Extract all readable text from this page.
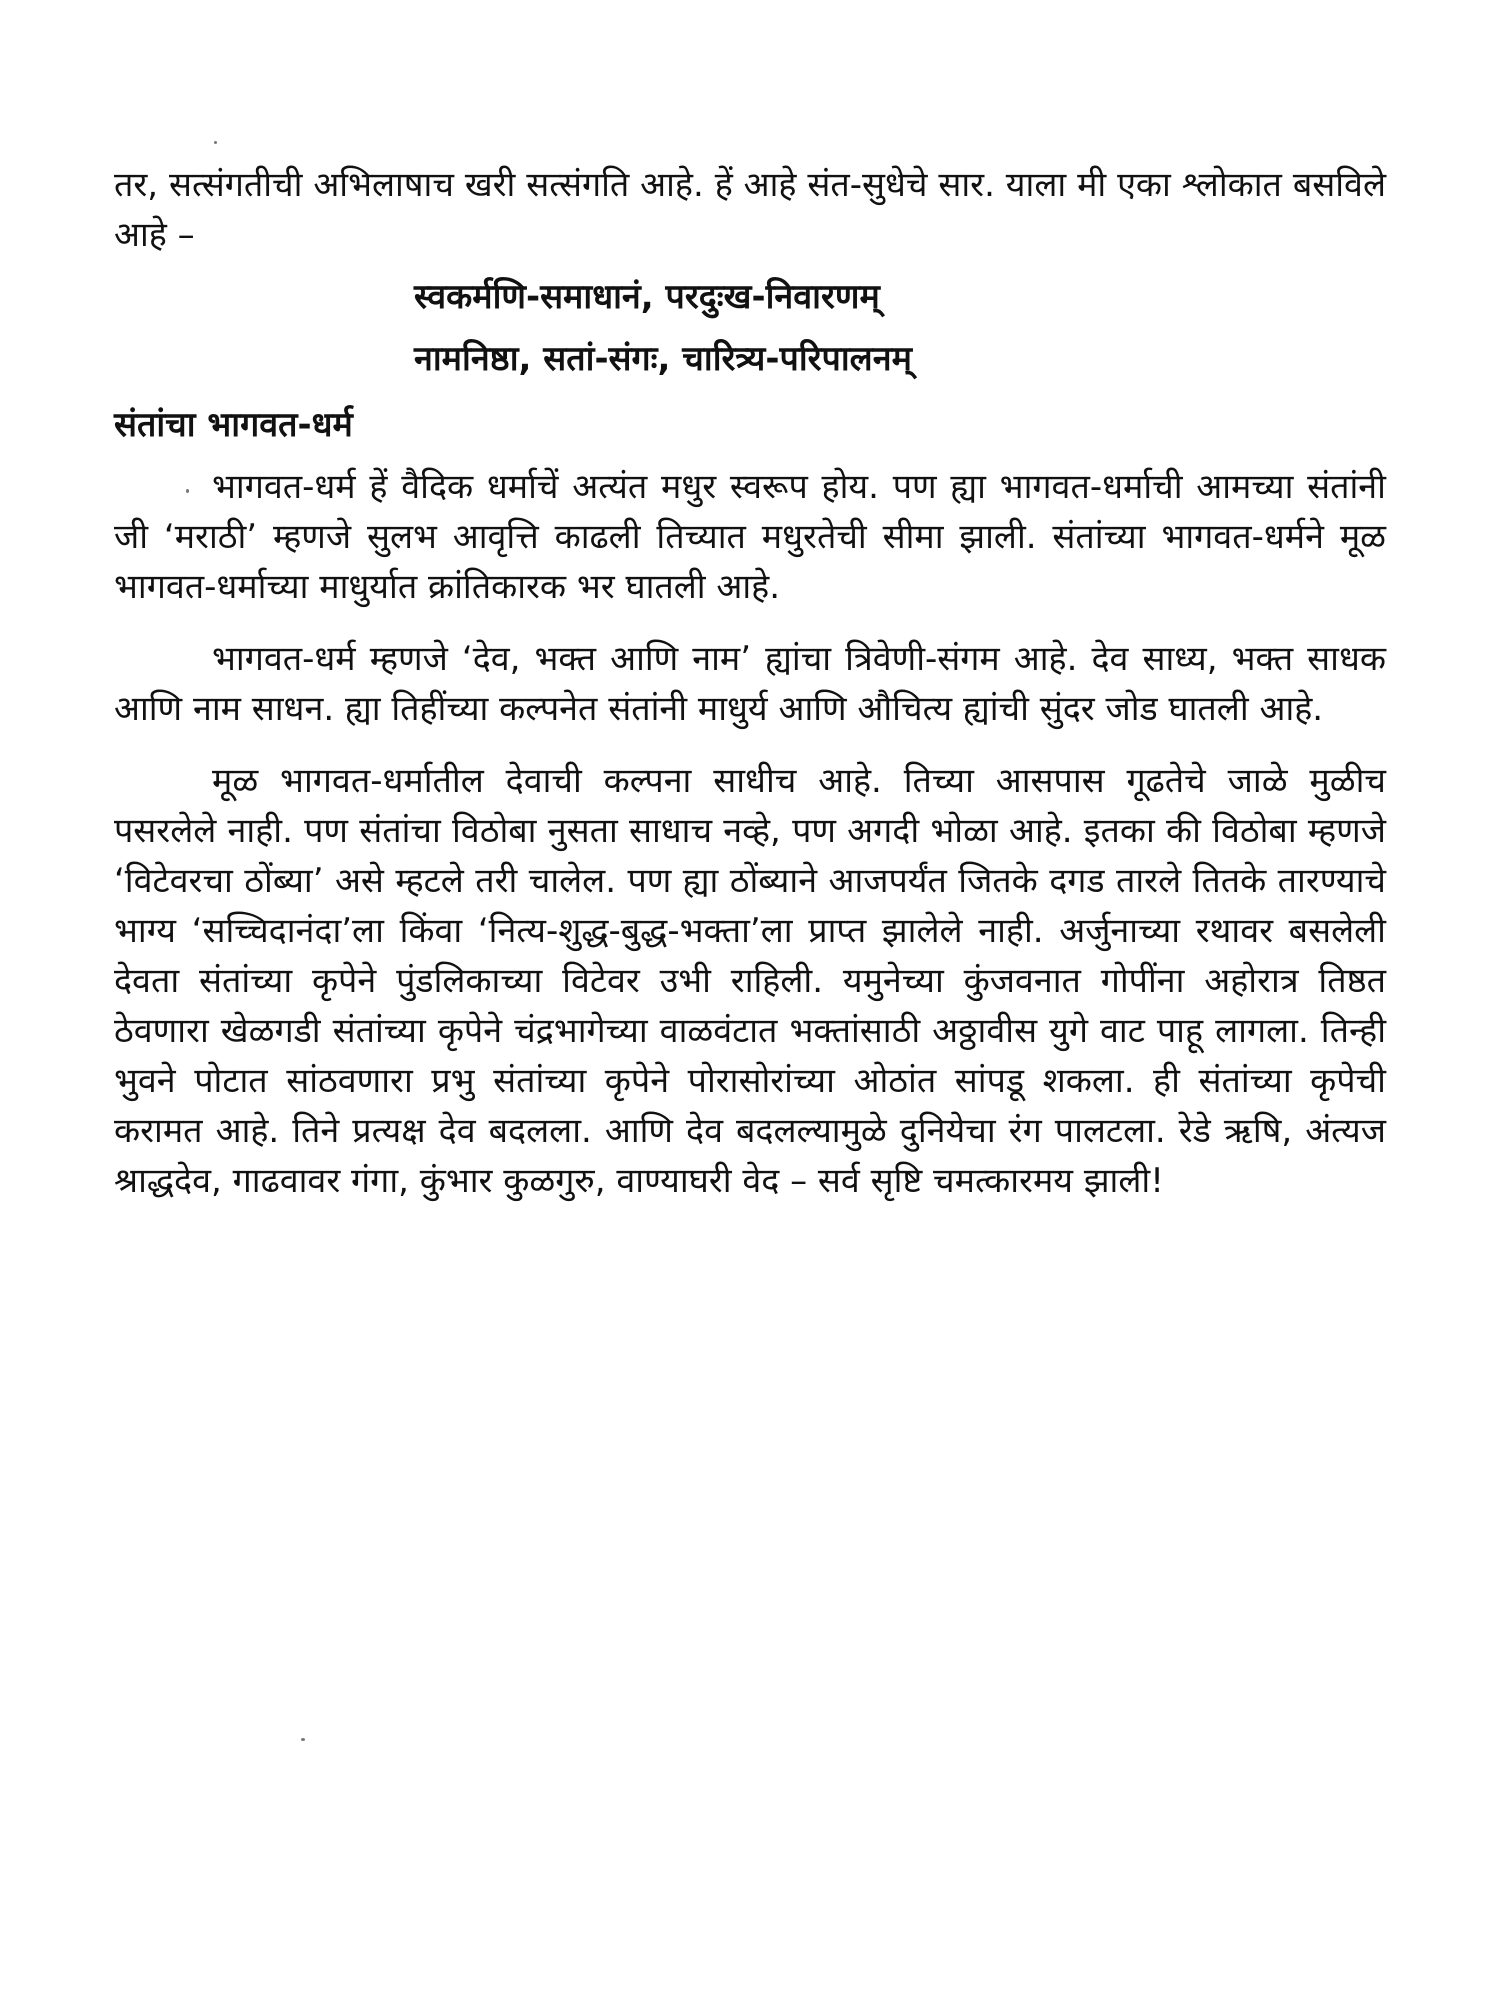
तर, सत्संगतीची अभिलाषाच खरी सत्संगति आहे. हें आहे संत-सुधेचे सार. याला मी एका श्लोकात बसविले आहे –

स्वकर्मणि-समाधानं, परदुःख-निवारणम्

नामनिष्ठा, सतां-संगः, चारित्र्य-परिपालनम्

संतांचा भागवत-धर्म

भागवत-धर्म हें वैदिक धर्माचें अत्यंत मधुर स्वरूप होय. पण ह्या भागवत-धर्माची आमच्या संतांनी जी ‘मराठी’ म्हणजे सुलभ आवृत्ति काढली तिच्यात मधुरतेची सीमा झाली. संतांच्या भागवत-धर्मने मूळ भागवत-धर्माच्या माधुर्यात क्रांतिकारक भर घातली आहे.

भागवत-धर्म म्हणजे ‘देव, भक्त आणि नाम’ ह्यांचा त्रिवेणी-संगम आहे. देव साध्य, भक्त साधक आणि नाम साधन. ह्या तिहींच्या कल्पनेत संतांनी माधुर्य आणि औचित्य ह्यांची सुंदर जोड घातली आहे.

मूळ भागवत-धर्मातील देवाची कल्पना साधीच आहे. तिच्या आसपास गूढतेचे जाळे मुळीच पसरलेले नाही. पण संतांचा विठोबा नुसता साधाच नव्हे, पण अगदी भोळा आहे. इतका की विठोबा म्हणजे ‘विटेवरचा ठोंब्या’ असे म्हटले तरी चालेल. पण ह्या ठोंब्याने आजपर्यंत जितके दगड तारले तितके तारण्याचे भाग्य ‘सच्चिदानंदा’ला किंवा ‘नित्य-शुद्ध-बुद्ध-भक्ता’ला प्राप्त झालेले नाही. अर्जुनाच्या रथावर बसलेली देवता संतांच्या कृपेने पुंडलिकाच्या विटेवर उभी राहिली. यमुनेच्या कुंजवनात गोपींना अहोरात्र तिष्ठत ठेवणारा खेळगडी संतांच्या कृपेने चंद्रभागेच्या वाळवंटात भक्तांसाठी अठ्ठावीस युगे वाट पाहू लागला. तिन्ही भुवने पोटात सांठवणारा प्रभु संतांच्या कृपेने पोरासोरांच्या ओठांत सांपडू शकला. ही संतांच्या कृपेची करामत आहे. तिने प्रत्यक्ष देव बदलला. आणि देव बदलल्यामुळे दुनियेचा रंग पालटला. रेडे ऋषि, अंत्यज श्राद्धदेव, गाढवावर गंगा, कुंभार कुळगुरु, वाण्याघरी वेद – सर्व सृष्टि चमत्कारमय झाली!
